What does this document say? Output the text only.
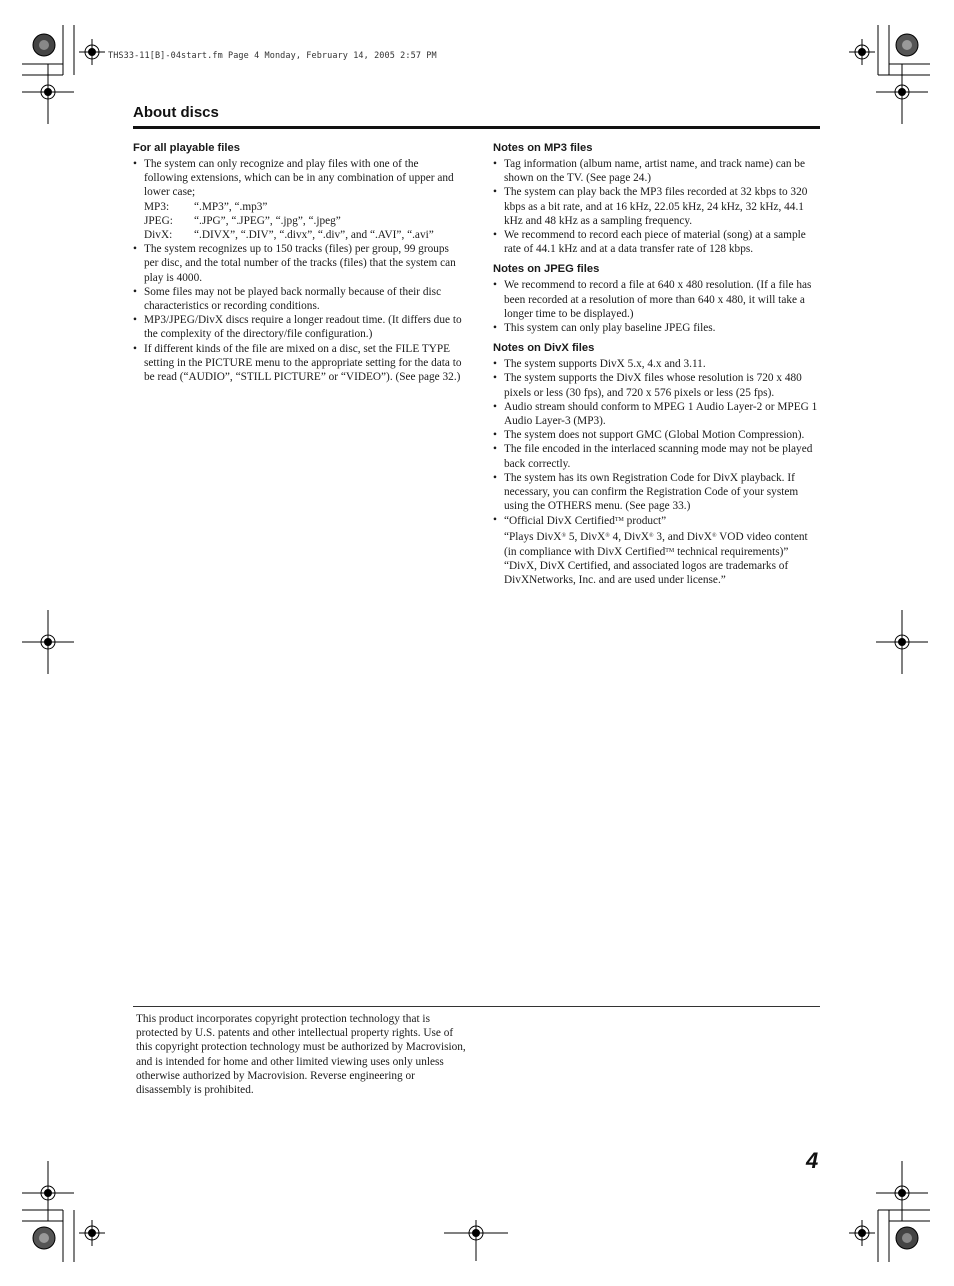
THS33-11[B]-04start.fm Page 4 Monday, February 14, 2005 2:57 PM
About discs
For all playable files
• The system can only recognize and play files with one of the following extensions, which can be in any combination of upper and lower case;
MP3:	“.MP3”, “.mp3”
JPEG:	“.JPG”, “.JPEG”, “.jpg”, “.jpeg”
DivX:	“.DIVX”, “.DIV”, “.divx”, “.div”, and “.AVI”, “.avi”
• The system recognizes up to 150 tracks (files) per group, 99 groups per disc, and the total number of the tracks (files) that the system can play is 4000.
• Some files may not be played back normally because of their disc characteristics or recording conditions.
• MP3/JPEG/DivX discs require a longer readout time. (It differs due to the complexity of the directory/file configuration.)
• If different kinds of the file are mixed on a disc, set the FILE TYPE setting in the PICTURE menu to the appropriate setting for the data to be read (“AUDIO”, “STILL PICTURE” or “VIDEO”). (See page 32.)
Notes on MP3 files
• Tag information (album name, artist name, and track name) can be shown on the TV. (See page 24.)
• The system can play back the MP3 files recorded at 32 kbps to 320 kbps as a bit rate, and at 16 kHz, 22.05 kHz, 24 kHz, 32 kHz, 44.1 kHz and 48 kHz as a sampling frequency.
• We recommend to record each piece of material (song) at a sample rate of 44.1 kHz and at a data transfer rate of 128 kbps.
Notes on JPEG files
• We recommend to record a file at 640 x 480 resolution. (If a file has been recorded at a resolution of more than 640 x 480, it will take a longer time to be displayed.)
• This system can only play baseline JPEG files.
Notes on DivX files
• The system supports DivX 5.x, 4.x and 3.11.
• The system supports the DivX files whose resolution is 720 x 480 pixels or less (30 fps), and 720 x 576 pixels or less (25 fps).
• Audio stream should conform to MPEG 1 Audio Layer-2 or MPEG 1 Audio Layer-3 (MP3).
• The system does not support GMC (Global Motion Compression).
• The file encoded in the interlaced scanning mode may not be played back correctly.
• The system has its own Registration Code for DivX playback. If necessary, you can confirm the Registration Code of your system using the OTHERS menu. (See page 33.)
• “Official DivX Certified™ product”
“Plays DivX® 5, DivX® 4, DivX® 3, and DivX® VOD video content (in compliance with DivX Certified™ technical requirements)”
“DivX, DivX Certified, and associated logos are trademarks of DivXNetworks, Inc. and are used under license.”
This product incorporates copyright protection technology that is protected by U.S. patents and other intellectual property rights. Use of this copyright protection technology must be authorized by Macrovision, and is intended for home and other limited viewing uses only unless otherwise authorized by Macrovision. Reverse engineering or disassembly is prohibited.
4
